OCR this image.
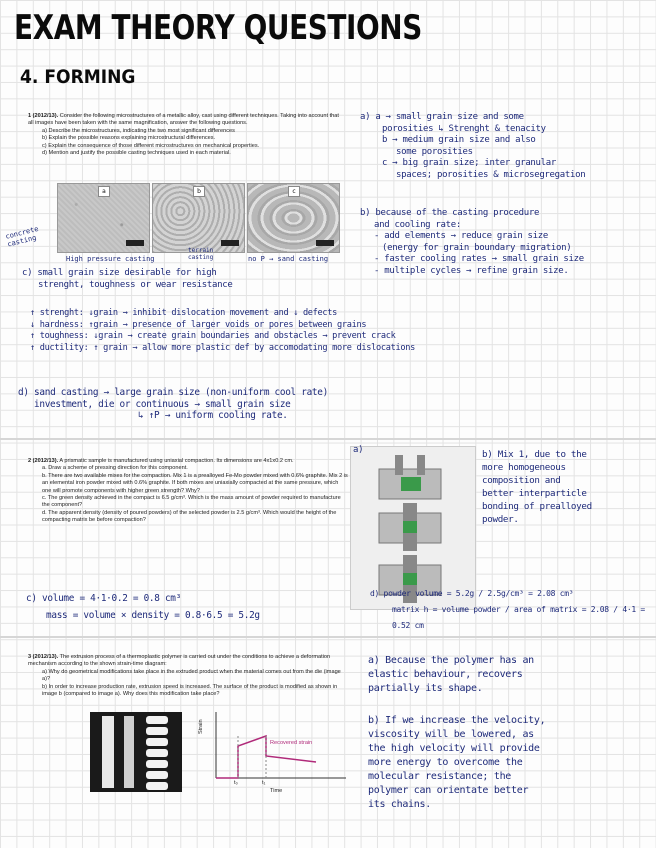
EXAM THEORY QUESTIONS
4. FORMING
1 (2012/13). Consider the following microstructures of a metallic alloy, cast using different techniques. Taking into account that all images have been taken with the same magnification, answer the following questions.
a) Describe the microstructures, indicating the two most significant differences
b) Explain the possible reasons explaining microstructural differences.
c) Explain the consequence of those different microstructures on mechanical properties.
d) Mention and justify the possible casting techniques used in each material.
a	b	c
concrete casting
High pressure casting
terrain casting	no P → sand casting
a) a → small grain size and some
porosities ↳ Strenght & tenacity
b → medium grain size and also
some porosities
c → big grain size; inter granular
spaces; porosities & microsegregation
b) because of the casting procedure
and cooling rate:
- add elements → reduce grain size
(energy for grain boundary migration)
- faster cooling rates → small grain size
- multiple cycles → refine grain size.
c) small grain size desirable for high
strenght, toughness or wear resistance
↑ strenght: ↓grain → inhibit dislocation movement and ↓ defects
↓ hardness: ↑grain → presence of larger voids or pores between grains
↑ toughness: ↓grain → create grain boundaries and obstacles → prevent crack
↑ ductility: ↑ grain → allow more plastic def by accomodating more dislocations
d) sand casting → large grain size (non-uniform cool rate)
investment, die or continuous → small grain size
↳ ↑P → uniform cooling rate.
2 (2012/13). A prismatic sample is manufactured using uniaxial compaction. Its dimensions are 4x1x0.2 cm.
a. Draw a scheme of pressing direction for this component.
b. There are two available mixes for the compaction. Mix 1 is a prealloyed Fe-Mo powder mixed with 0.6% graphite. Mix 2 is an elemental iron powder mixed with 0.6% graphite. If both mixes are uniaxially compacted at the same pressure, which one will promote components with higher green strength? Why?
c. The green density achieved in the compact is 6.5 g/cm³. Which is the mass amount of powder required to manufacture the component?
d. The apparent density (density of poured powders) of the selected powder is 2.5 g/cm³. Which would the height of the compacting matrix be before compaction?
a)	b) Mix 1, due to the
more homogeneous
composition and
better interparticle
bonding of prealloyed
powder.
c) volume = 4·1·0.2 = 0.8 cm³
mass = volume × density = 0.8·6.5 = 5.2g
d) powder volume = 5.2g / 2.5g/cm³ = 2.08 cm³
matrix h = volume powder / area of matrix = 2.08 / 4·1 = 0.52 cm
3 (2012/13). The extrusion process of a thermoplastic polymer is carried out under the conditions to achieve a deformation mechanism according to the shown strain-time diagram:
a) Why do geometrical modifications take place in the extruded product when the material comes out from the die (image a)?
b) In order to increase production rate, extrusion speed is increased. The surface of the product is modified as shown in image b (compared to image a). Why does this modification take place?
Strain
t₀	t₁
Time
Recovered strain
a) Because the polymer has an
elastic behaviour, recovers
partially its shape.
b) If we increase the velocity,
viscosity will be lowered, as
the high velocity will provide
more energy to overcome the
molecular resistance; the
polymer can orientate better
its chains.
